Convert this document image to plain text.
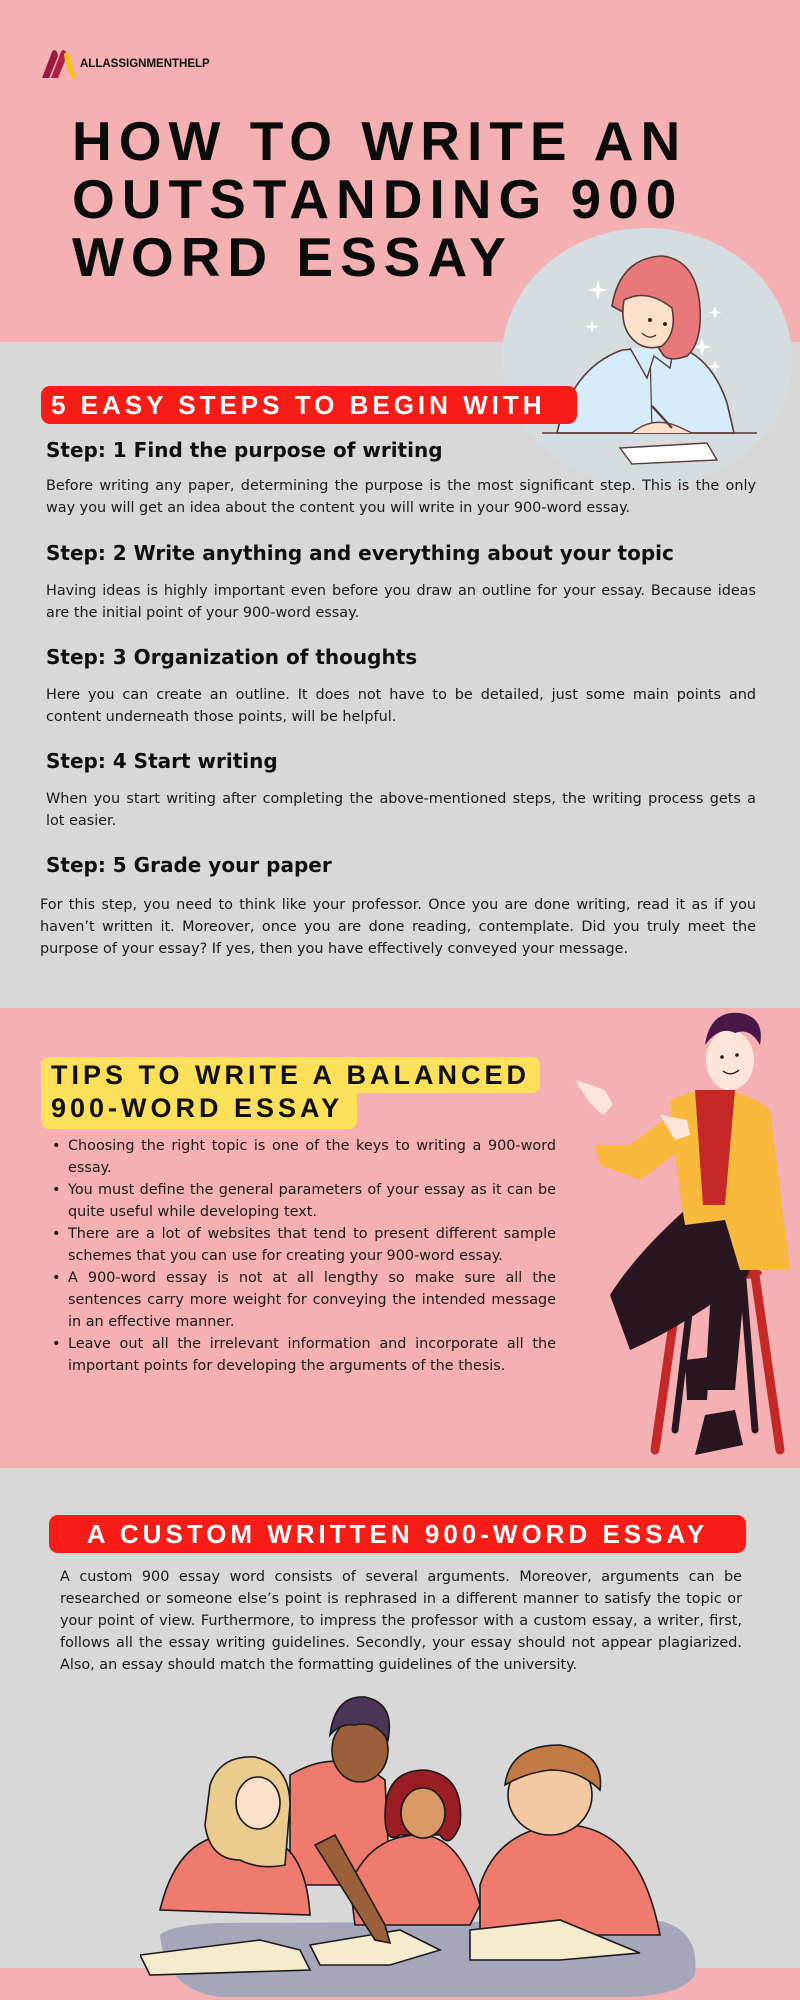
ALLASSIGNMENTHELP
HOW TO WRITE AN
OUTSTANDING 900
WORD ESSAY
5 EASY STEPS TO BEGIN WITH
Step: 1 Find the purpose of writing

Before writing any paper, determining the purpose is the most significant step. This is the only way you will get an idea about the content you will write in your 900-word essay.

Step: 2 Write anything and everything about your topic

Having ideas is highly important even before you draw an outline for your essay. Because ideas are the initial point of your 900-word essay.

Step: 3 Organization of thoughts

Here you can create an outline. It does not have to be detailed, just some main points and content underneath those points, will be helpful.

Step: 4 Start writing

When you start writing after completing the above-mentioned steps, the writing process gets a lot easier.

Step: 5 Grade your paper

For this step, you need to think like your professor. Once you are done writing, read it as if you haven’t written it. Moreover, once you are done reading, contemplate. Did you truly meet the purpose of your essay? If yes, then you have effectively conveyed your message.

TIPS TO WRITE A BALANCED
900-WORD ESSAY
• Choosing the right topic is one of the keys to writing a 900-word essay.
• You must define the general parameters of your essay as it can be quite useful while developing text.
• There are a lot of websites that tend to present different sample schemes that you can use for creating your 900-word essay.
• A 900-word essay is not at all lengthy so make sure all the sentences carry more weight for conveying the intended message in an effective manner.
• Leave out all the irrelevant information and incorporate all the important points for developing the arguments of the thesis.
A CUSTOM WRITTEN 900-WORD ESSAY

A custom 900 essay word consists of several arguments. Moreover, arguments can be researched or someone else’s point is rephrased in a different manner to satisfy the topic or your point of view. Furthermore, to impress the professor with a custom essay, a writer, first, follows all the essay writing guidelines. Secondly, your essay should not appear plagiarized. Also, an essay should match the formatting guidelines of the university.
